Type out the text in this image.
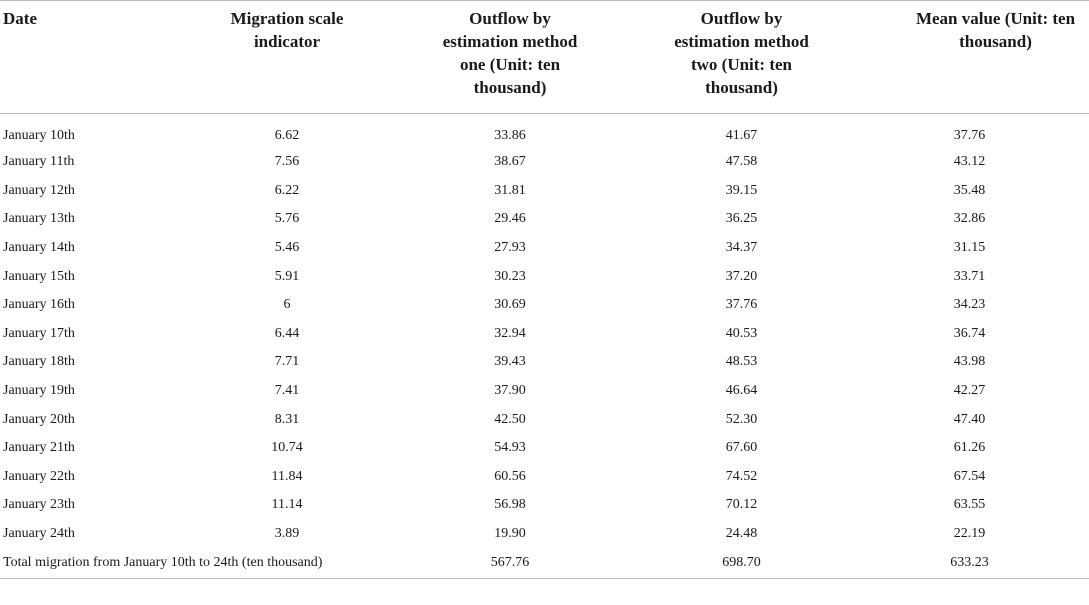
Date	Migration scale indicator	Outflow by estimation method one (Unit: ten thousand)	Outflow by estimation method two (Unit: ten thousand)	Mean value (Unit: ten thousand)
January 10th	6.62	33.86	41.67	37.76
January 11th	7.56	38.67	47.58	43.12
January 12th	6.22	31.81	39.15	35.48
January 13th	5.76	29.46	36.25	32.86
January 14th	5.46	27.93	34.37	31.15
January 15th	5.91	30.23	37.20	33.71
January 16th	6	30.69	37.76	34.23
January 17th	6.44	32.94	40.53	36.74
January 18th	7.71	39.43	48.53	43.98
January 19th	7.41	37.90	46.64	42.27
January 20th	8.31	42.50	52.30	47.40
January 21th	10.74	54.93	67.60	61.26
January 22th	11.84	60.56	74.52	67.54
January 23th	11.14	56.98	70.12	63.55
January 24th	3.89	19.90	24.48	22.19
Total migration from January 10th to 24th (ten thousand)		567.76	698.70	633.23
